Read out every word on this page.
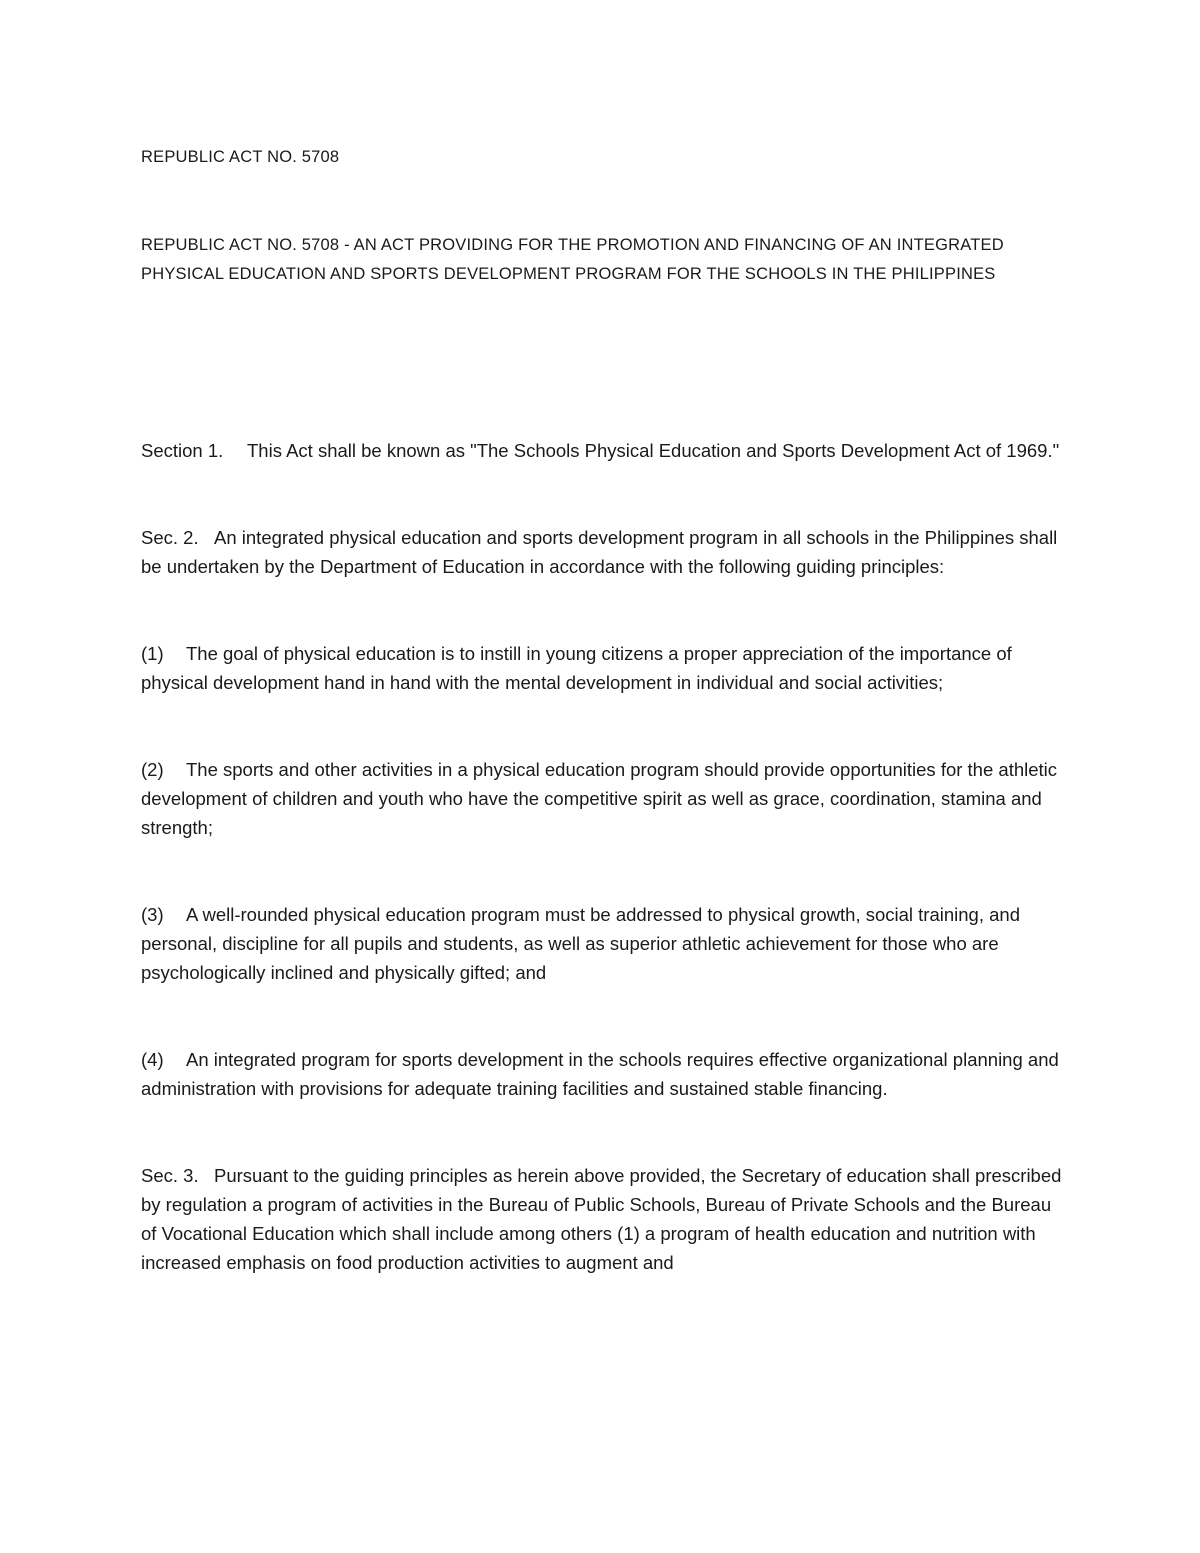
REPUBLIC ACT NO. 5708

REPUBLIC ACT NO. 5708 - AN ACT PROVIDING FOR THE PROMOTION AND FINANCING OF AN INTEGRATED PHYSICAL EDUCATION AND SPORTS DEVELOPMENT PROGRAM FOR THE SCHOOLS IN THE PHILIPPINES

Section 1. This Act shall be known as "The Schools Physical Education and Sports Development Act of 1969."

Sec. 2. An integrated physical education and sports development program in all schools in the Philippines shall be undertaken by the Department of Education in accordance with the following guiding principles:

(1) The goal of physical education is to instill in young citizens a proper appreciation of the importance of physical development hand in hand with the mental development in individual and social activities;

(2) The sports and other activities in a physical education program should provide opportunities for the athletic development of children and youth who have the competitive spirit as well as grace, coordination, stamina and strength;

(3) A well-rounded physical education program must be addressed to physical growth, social training, and personal, discipline for all pupils and students, as well as superior athletic achievement for those who are psychologically inclined and physically gifted; and

(4) An integrated program for sports development in the schools requires effective organizational planning and administration with provisions for adequate training facilities and sustained stable financing.

Sec. 3. Pursuant to the guiding principles as herein above provided, the Secretary of education shall prescribed by regulation a program of activities in the Bureau of Public Schools, Bureau of Private Schools and the Bureau of Vocational Education which shall include among others (1) a program of health education and nutrition with increased emphasis on food production activities to augment and
